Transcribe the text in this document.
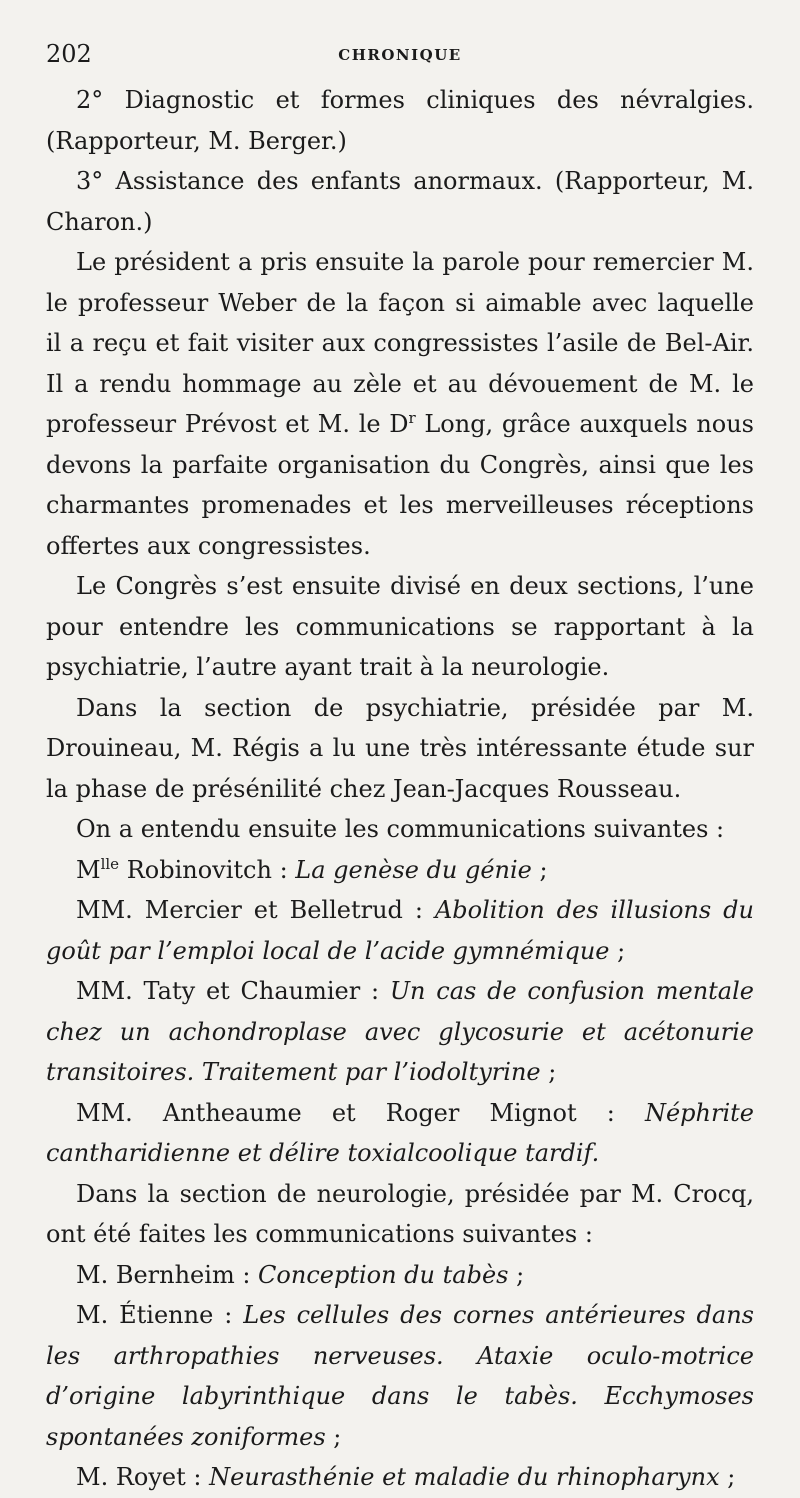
202	CHRONIQUE

2° Diagnostic et formes cliniques des névralgies. (Rapporteur, M. Berger.)

3° Assistance des enfants anormaux. (Rapporteur, M. Charon.)

Le président a pris ensuite la parole pour remercier M. le professeur Weber de la façon si aimable avec laquelle il a reçu et fait visiter aux congressistes l’asile de Bel-Air. Il a rendu hommage au zèle et au dévouement de M. le professeur Prévost et M. le $D^r$ Long, grâce auxquels nous devons la parfaite organisation du Congrès, ainsi que les charmantes promenades et les merveilleuses réceptions offertes aux congressistes.

Le Congrès s’est ensuite divisé en deux sections, l’une pour entendre les communications se rapportant à la psychiatrie, l’autre ayant trait à la neurologie.

Dans la section de psychiatrie, présidée par M. Drouineau, M. Régis a lu une très intéressante étude sur la phase de présénilité chez Jean-Jacques Rousseau.

On a entendu ensuite les communications suivantes :

$M^{lle}$ Robinovitch : La genèse du génie ;

MM. Mercier et Belletrud : Abolition des illusions du goût par l’emploi local de l’acide gymnémique ;

MM. Taty et Chaumier : Un cas de confusion mentale chez un achondroplase avec glycosurie et acétonurie transitoires. Traitement par l’iodoltyrine ;

MM. Antheaume et Roger Mignot : Néphrite cantharidienne et délire toxialcoolique tardif.

Dans la section de neurologie, présidée par M. Crocq, ont été faites les communications suivantes :

M. Bernheim : Conception du tabès ;

M. Étienne : Les cellules des cornes antérieures dans les arthropathies nerveuses. Ataxie oculo-motrice d’origine labyrinthique dans le tabès. Ecchymoses spontanées zoniformes ;

M. Royet : Neurasthénie et maladie du rhinopharynx ;
